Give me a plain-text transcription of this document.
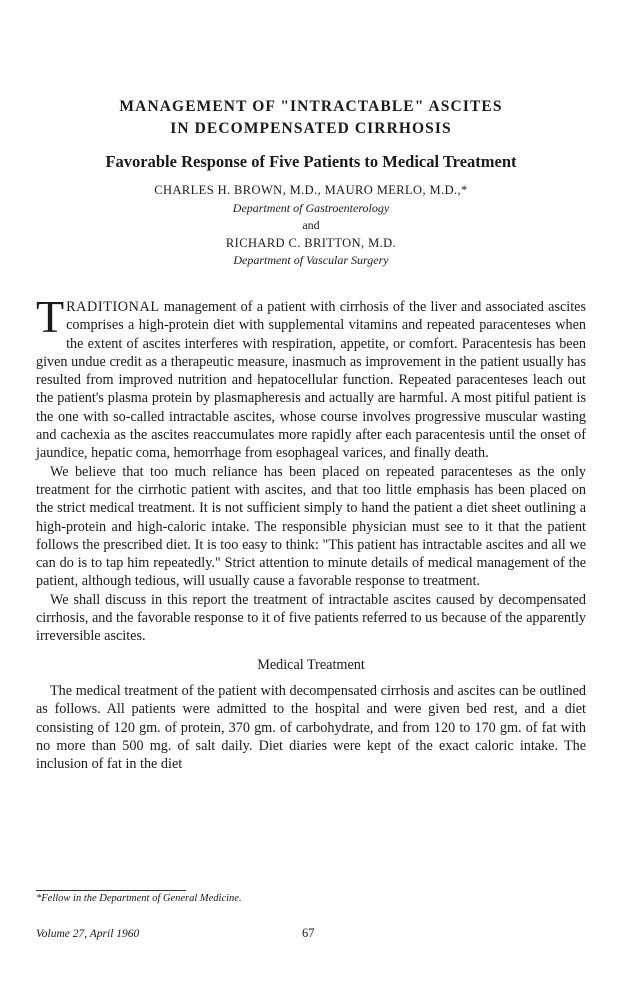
MANAGEMENT OF "INTRACTABLE" ASCITES
IN DECOMPENSATED CIRRHOSIS
Favorable Response of Five Patients to Medical Treatment
CHARLES H. BROWN, M.D., MAURO MERLO, M.D.,*
Department of Gastroenterology
and
RICHARD C. BRITTON, M.D.
Department of Vascular Surgery

TRADITIONAL management of a patient with cirrhosis of the liver and associated ascites comprises a high-protein diet with supplemental vitamins and repeated paracenteses when the extent of ascites interferes with respiration, appetite, or comfort. Paracentesis has been given undue credit as a therapeutic measure, inasmuch as improvement in the patient usually has resulted from improved nutrition and hepatocellular function. Repeated paracenteses leach out the patient's plasma protein by plasmapheresis and actually are harmful. A most pitiful patient is the one with so-called intractable ascites, whose course involves progressive muscular wasting and cachexia as the ascites reaccumulates more rapidly after each paracentesis until the onset of jaundice, hepatic coma, hemorrhage from esophageal varices, and finally death.

We believe that too much reliance has been placed on repeated paracenteses as the only treatment for the cirrhotic patient with ascites, and that too little emphasis has been placed on the strict medical treatment. It is not sufficient simply to hand the patient a diet sheet outlining a high-protein and high-caloric intake. The responsible physician must see to it that the patient follows the prescribed diet. It is too easy to think: "This patient has intractable ascites and all we can do is to tap him repeatedly." Strict attention to minute details of medical management of the patient, although tedious, will usually cause a favorable response to treatment.

We shall discuss in this report the treatment of intractable ascites caused by decompensated cirrhosis, and the favorable response to it of five patients referred to us because of the apparently irreversible ascites.

Medical Treatment

The medical treatment of the patient with decompensated cirrhosis and ascites can be outlined as follows. All patients were admitted to the hospital and were given bed rest, and a diet consisting of 120 gm. of protein, 370 gm. of carbohydrate, and from 120 to 170 gm. of fat with no more than 500 mg. of salt daily. Diet diaries were kept of the exact caloric intake. The inclusion of fat in the diet

*Fellow in the Department of General Medicine.
Volume 27, April 1960	67
